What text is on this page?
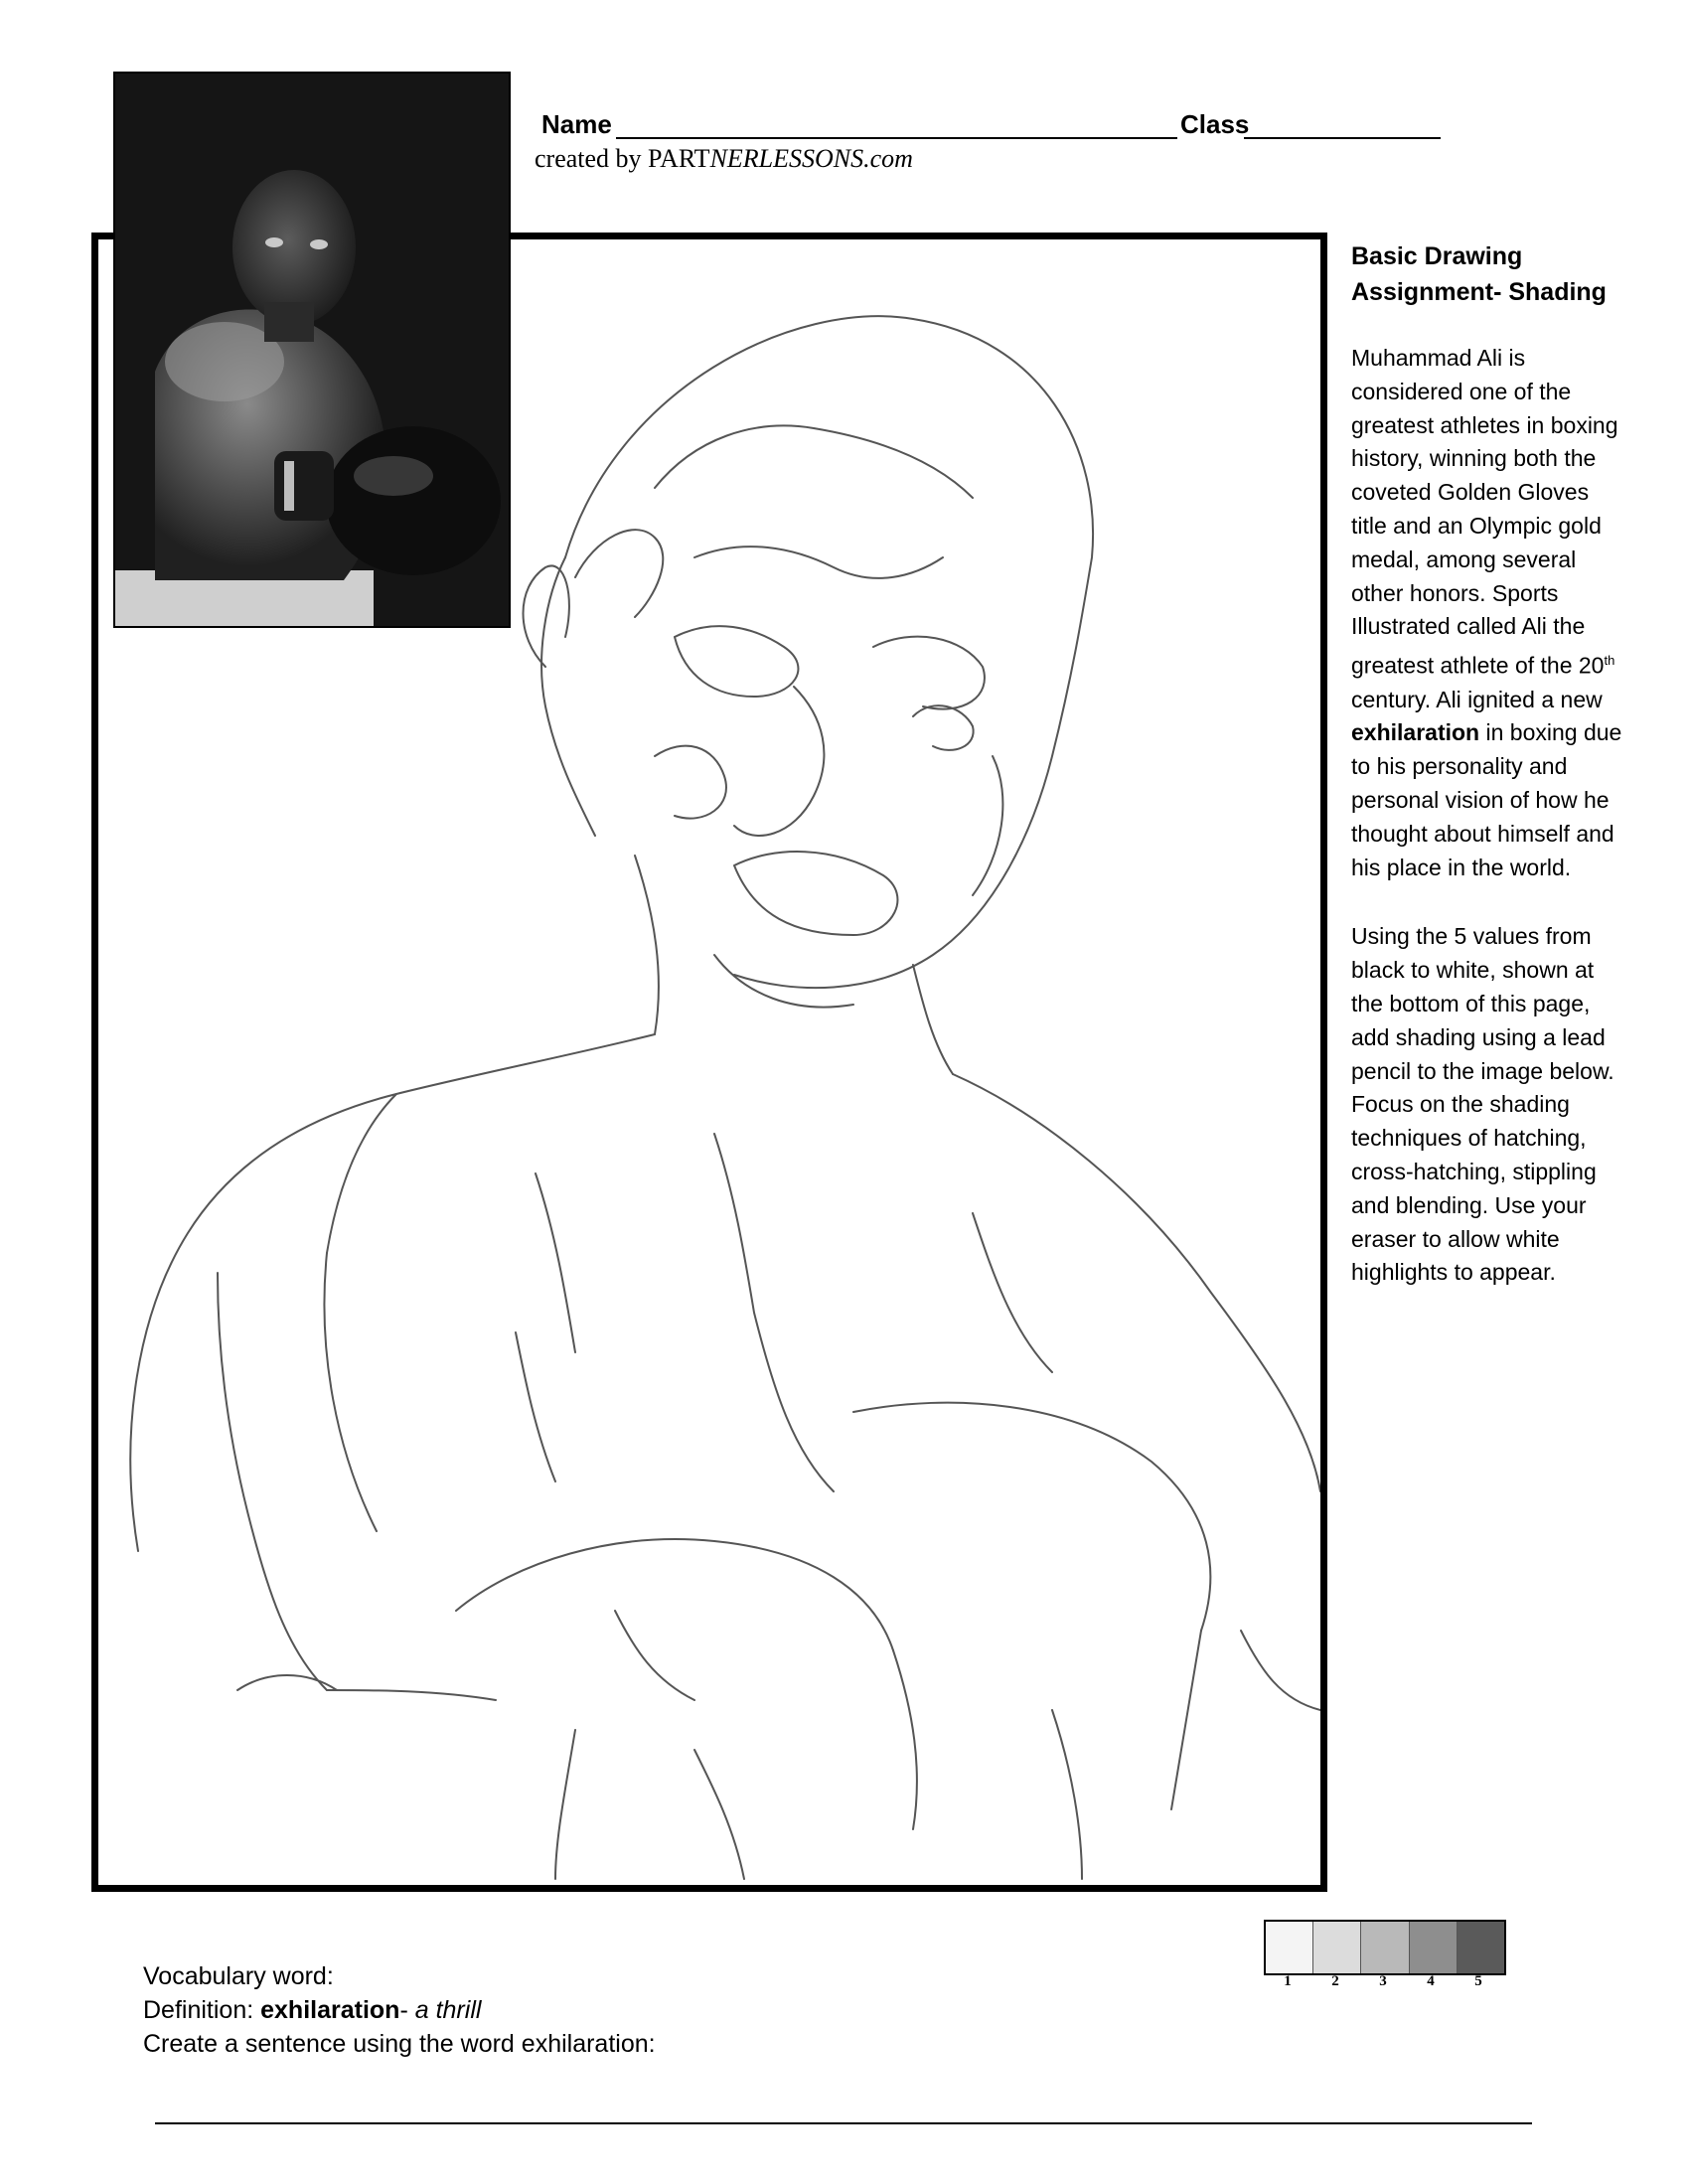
Name	Class
created by PARTNERLESSONS.com
Basic Drawing Assignment- Shading

Muhammad Ali is considered one of the greatest athletes in boxing history, winning both the coveted Golden Gloves title and an Olympic gold medal, among several other honors. Sports Illustrated called Ali the greatest athlete of the 20th century. Ali ignited a new exhilaration in boxing due to his personality and personal vision of how he thought about himself and his place in the world.

Using the 5 values from black to white, shown at the bottom of this page, add shading using a lead pencil to the image below. Focus on the shading techniques of hatching, cross-hatching, stippling and blending. Use your eraser to allow white highlights to appear.

1	2	3	4	5
Vocabulary word:
Definition: exhilaration- a thrill
Create a sentence using the word exhilaration:
